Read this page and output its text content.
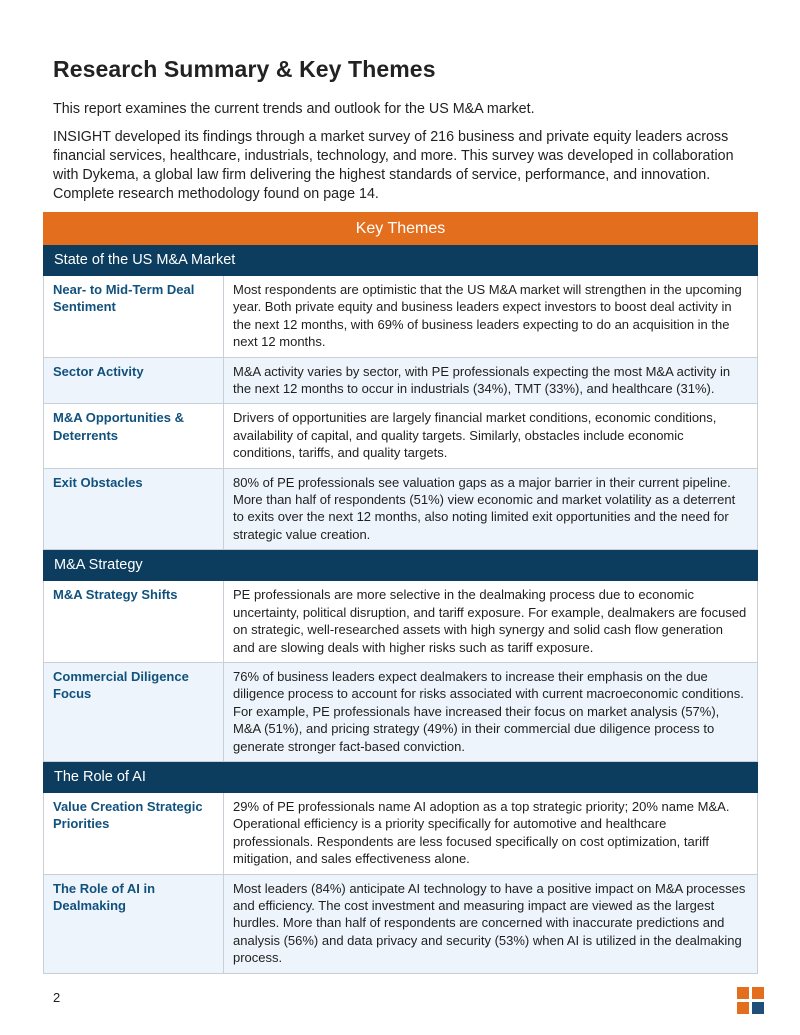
Research Summary & Key Themes

This report examines the current trends and outlook for the US M&A market.

INSIGHT developed its findings through a market survey of 216 business and private equity leaders across financial services, healthcare, industrials, technology, and more. This survey was developed in collaboration with Dykema, a global law firm delivering the highest standards of service, performance, and innovation. Complete research methodology found on page 14.

Key Themes	
State of the US M&A Market	
Near- to Mid-Term Deal Sentiment	Most respondents are optimistic that the US M&A market will strengthen in the upcoming year. Both private equity and business leaders expect investors to boost deal activity in the next 12 months, with 69% of business leaders expecting to do an acquisition in the next 12 months.
Sector Activity	M&A activity varies by sector, with PE professionals expecting the most M&A activity in the next 12 months to occur in industrials (34%), TMT (33%), and healthcare (31%).
M&A Opportunities & Deterrents	Drivers of opportunities are largely financial market conditions, economic conditions, availability of capital, and quality targets. Similarly, obstacles include economic conditions, tariffs, and quality targets.
Exit Obstacles	80% of PE professionals see valuation gaps as a major barrier in their current pipeline. More than half of respondents (51%) view economic and market volatility as a deterrent to exits over the next 12 months, also noting limited exit opportunities and the need for strategic value creation.
M&A Strategy	
M&A Strategy Shifts	PE professionals are more selective in the dealmaking process due to economic uncertainty, political disruption, and tariff exposure. For example, dealmakers are focused on strategic, well-researched assets with high synergy and solid cash flow generation and are slowing deals with higher risks such as tariff exposure.
Commercial Diligence Focus	76% of business leaders expect dealmakers to increase their emphasis on the due diligence process to account for risks associated with current macroeconomic conditions. For example, PE professionals have increased their focus on market analysis (57%), M&A (51%), and pricing strategy (49%) in their commercial due diligence process to generate stronger fact-based conviction.
The Role of AI	
Value Creation Strategic Priorities	29% of PE professionals name AI adoption as a top strategic priority; 20% name M&A. Operational efficiency is a priority specifically for automotive and healthcare professionals. Respondents are less focused specifically on cost optimization, tariff mitigation, and sales effectiveness alone.
The Role of AI in Dealmaking	Most leaders (84%) anticipate AI technology to have a positive impact on M&A processes and efficiency. The cost investment and measuring impact are viewed as the largest hurdles. More than half of respondents are concerned with inaccurate predictions and analysis (56%) and data privacy and security (53%) when AI is utilized in the dealmaking process.
2
